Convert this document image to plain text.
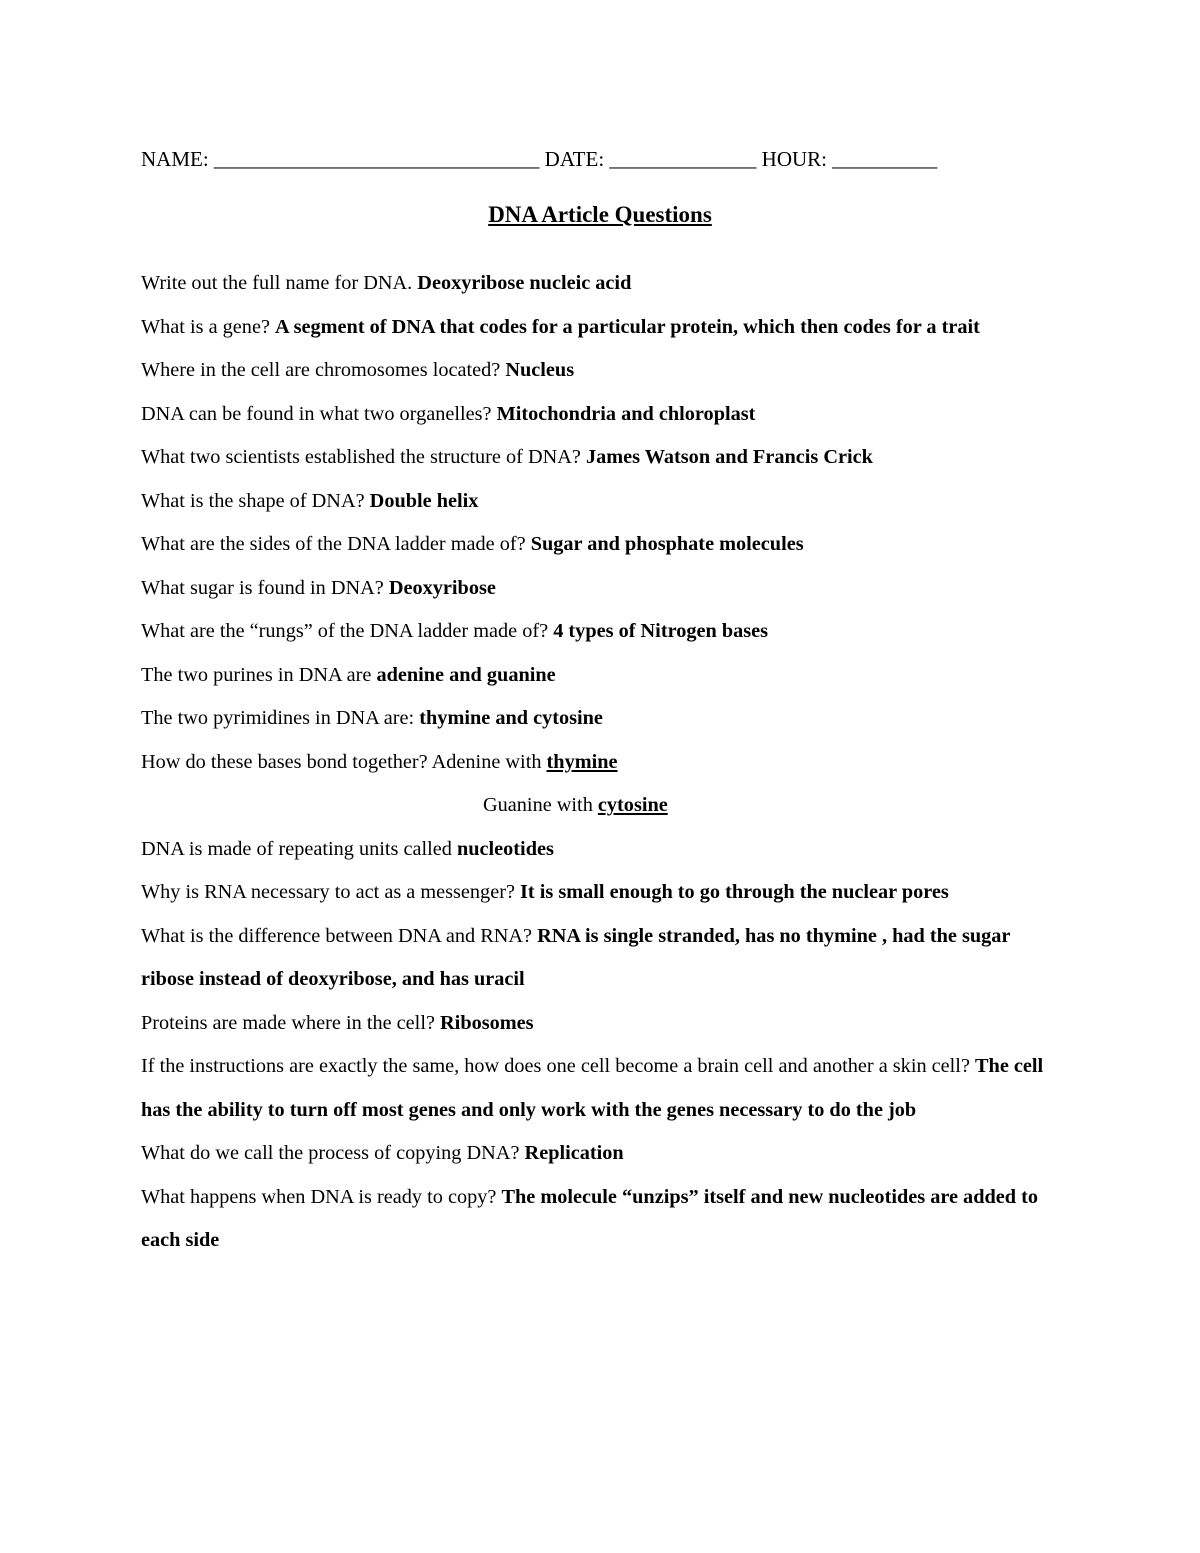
NAME: _______________________________ DATE: ______________ HOUR: __________
DNA Article Questions

Write out the full name for DNA. Deoxyribose nucleic acid

What is a gene? A segment of DNA that codes for a particular protein, which then codes for a trait

Where in the cell are chromosomes located? Nucleus

DNA can be found in what two organelles? Mitochondria and chloroplast

What two scientists established the structure of DNA? James Watson and Francis Crick

What is the shape of DNA? Double helix

What are the sides of the DNA ladder made of? Sugar and phosphate molecules

What sugar is found in DNA? Deoxyribose

What are the “rungs” of the DNA ladder made of? 4 types of Nitrogen bases

The two purines in DNA are adenine and guanine

The two pyrimidines in DNA are: thymine and cytosine

How do these bases bond together? Adenine with thymine

Guanine with cytosine

DNA is made of repeating units called nucleotides

Why is RNA necessary to act as a messenger? It is small enough to go through the nuclear pores

What is the difference between DNA and RNA? RNA is single stranded, has no thymine , had the sugar ribose instead of deoxyribose, and has uracil

Proteins are made where in the cell? Ribosomes

If the instructions are exactly the same, how does one cell become a brain cell and another a skin cell? The cell has the ability to turn off most genes and only work with the genes necessary to do the job

What do we call the process of copying DNA? Replication

What happens when DNA is ready to copy? The molecule “unzips” itself and new nucleotides are added to each side
